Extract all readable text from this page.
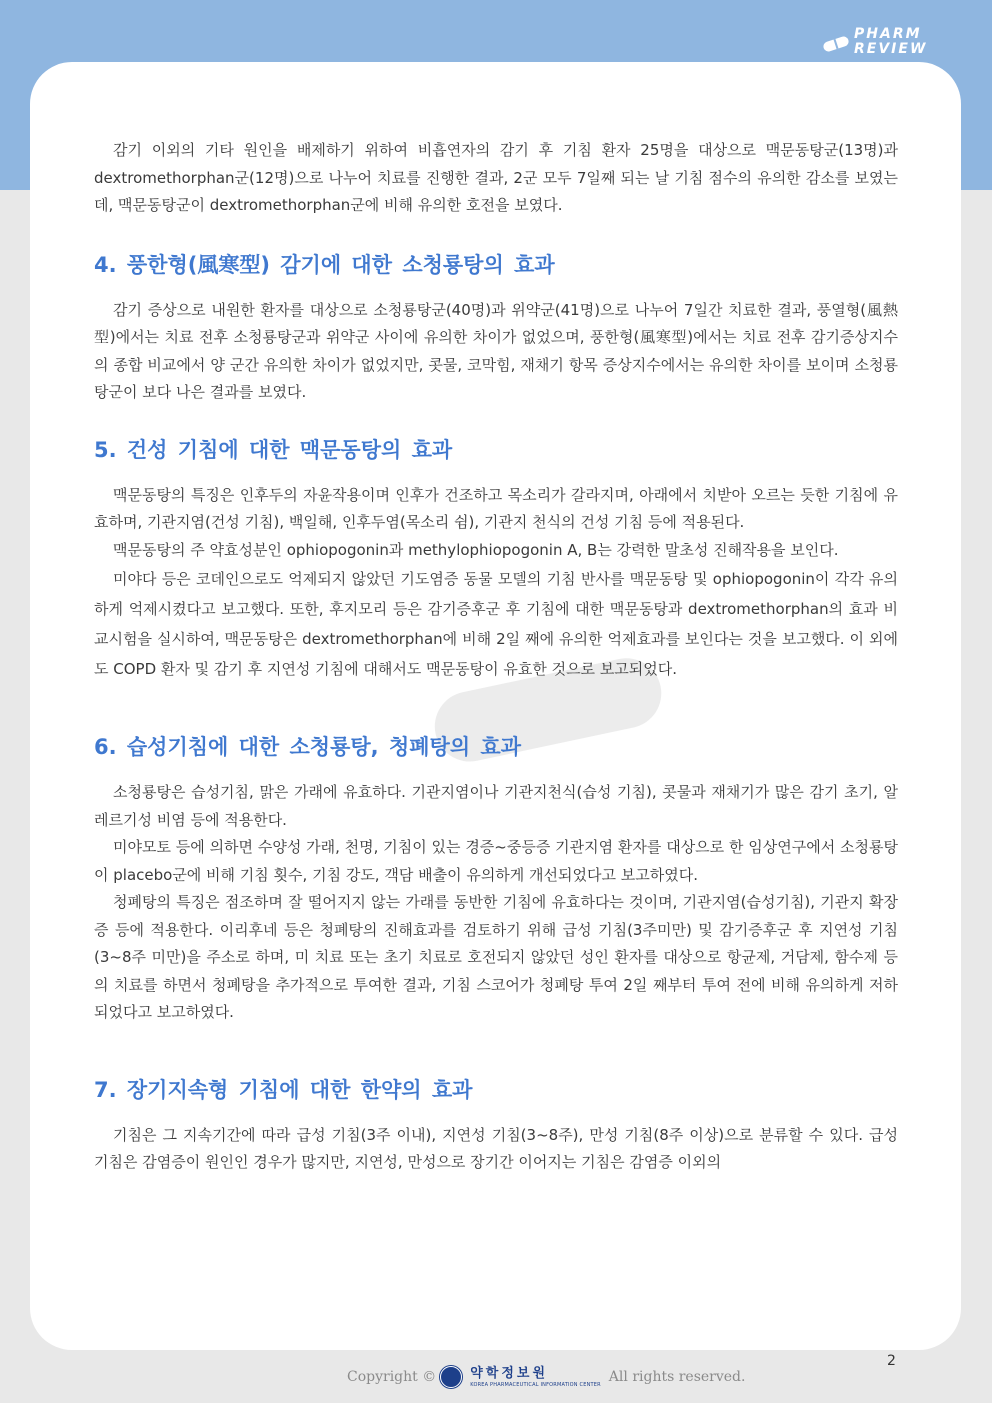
PHARM
REVIEW

감기 이외의 기타 원인을 배제하기 위하여 비흡연자의 감기 후 기침 환자 25명을 대상으로 맥문동탕군(13명)과 dextromethorphan군(12명)으로 나누어 치료를 진행한 결과, 2군 모두 7일째 되는 날 기침 점수의 유의한 감소를 보였는데, 맥문동탕군이 dextromethorphan군에 비해 유의한 호전을 보였다.

4. 풍한형(風寒型) 감기에 대한 소청룡탕의 효과

감기 증상으로 내원한 환자를 대상으로 소청룡탕군(40명)과 위약군(41명)으로 나누어 7일간 치료한 결과, 풍열형(風熱型)에서는 치료 전후 소청룡탕군과 위약군 사이에 유의한 차이가 없었으며, 풍한형(風寒型)에서는 치료 전후 감기증상지수의 종합 비교에서 양 군간 유의한 차이가 없었지만, 콧물, 코막힘, 재채기 항목 증상지수에서는 유의한 차이를 보이며 소청룡탕군이 보다 나은 결과를 보였다.

5. 건성 기침에 대한 맥문동탕의 효과

맥문동탕의 특징은 인후두의 자윤작용이며 인후가 건조하고 목소리가 갈라지며, 아래에서 치받아 오르는 듯한 기침에 유효하며, 기관지염(건성 기침), 백일해, 인후두염(목소리 쉼), 기관지 천식의 건성 기침 등에 적용된다.

맥문동탕의 주 약효성분인 ophiopogonin과 methylophiopogonin A, B는 강력한 말초성 진해작용을 보인다.

미야다 등은 코데인으로도 억제되지 않았던 기도염증 동물 모델의 기침 반사를 맥문동탕 및 ophiopogonin이 각각 유의하게 억제시켰다고 보고했다. 또한, 후지모리 등은 감기증후군 후 기침에 대한 맥문동탕과 dextromethorphan의 효과 비교시험을 실시하여, 맥문동탕은 dextromethorphan에 비해 2일 째에 유의한 억제효과를 보인다는 것을 보고했다. 이 외에도 COPD 환자 및 감기 후 지연성 기침에 대해서도 맥문동탕이 유효한 것으로 보고되었다.

6. 습성기침에 대한 소청룡탕, 청폐탕의 효과

소청룡탕은 습성기침, 맑은 가래에 유효하다. 기관지염이나 기관지천식(습성 기침), 콧물과 재채기가 많은 감기 초기, 알레르기성 비염 등에 적용한다.

미야모토 등에 의하면 수양성 가래, 천명, 기침이 있는 경증~중등증 기관지염 환자를 대상으로 한 임상연구에서 소청룡탕이 placebo군에 비해 기침 횟수, 기침 강도, 객담 배출이 유의하게 개선되었다고 보고하였다.

청폐탕의 특징은 점조하며 잘 떨어지지 않는 가래를 동반한 기침에 유효하다는 것이며, 기관지염(습성기침), 기관지 확장증 등에 적용한다. 이리후네 등은 청폐탕의 진해효과를 검토하기 위해 급성 기침(3주미만) 및 감기증후군 후 지연성 기침(3~8주 미만)을 주소로 하며, 미 치료 또는 초기 치료로 호전되지 않았던 성인 환자를 대상으로 항균제, 거담제, 함수제 등의 치료를 하면서 청폐탕을 추가적으로 투여한 결과, 기침 스코어가 청폐탕 투여 2일 째부터 투여 전에 비해 유의하게 저하되었다고 보고하였다.

7. 장기지속형 기침에 대한 한약의 효과

기침은 그 지속기간에 따라 급성 기침(3주 이내), 지연성 기침(3~8주), 만성 기침(8주 이상)으로 분류할 수 있다. 급성 기침은 감염증이 원인인 경우가 많지만, 지연성, 만성으로 장기간 이어지는 기침은 감염증 이외의

2
Copyright ©	약학정보원
KOREA PHARMACEUTICAL INFORMATION CENTER All rights reserved.
